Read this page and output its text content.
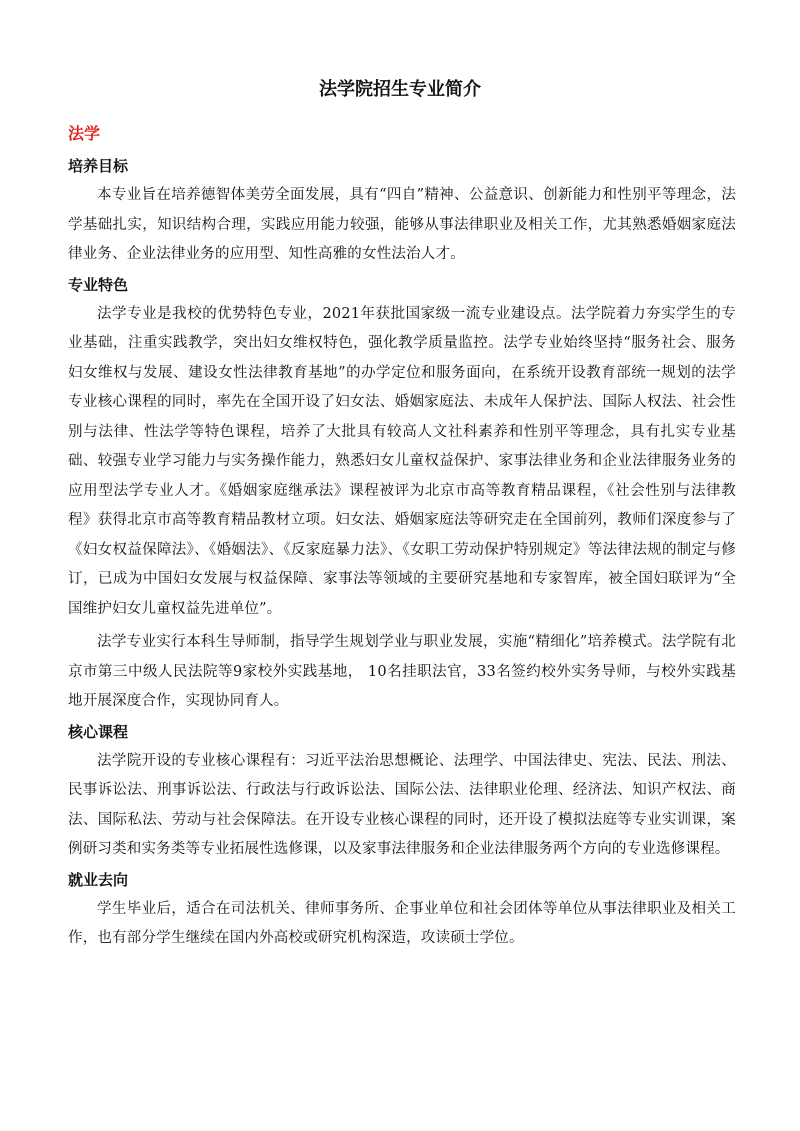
法学院招生专业简介
法学
培养目标

本专业旨在培养德智体美劳全面发展，具有“四自”精神、公益意识、创新能力和性别平等理念，法学基础扎实，知识结构合理，实践应用能力较强，能够从事法律职业及相关工作，尤其熟悉婚姻家庭法律业务、企业法律业务的应用型、知性高雅的女性法治人才。

专业特色

法学专业是我校的优势特色专业，2021年获批国家级一流专业建设点。法学院着力夯实学生的专业基础，注重实践教学，突出妇女维权特色，强化教学质量监控。法学专业始终坚持“服务社会、服务妇女维权与发展、建设女性法律教育基地”的办学定位和服务面向，在系统开设教育部统一规划的法学专业核心课程的同时，率先在全国开设了妇女法、婚姻家庭法、未成年人保护法、国际人权法、社会性别与法律、性法学等特色课程，培养了大批具有较高人文社科素养和性别平等理念，具有扎实专业基础、较强专业学习能力与实务操作能力，熟悉妇女儿童权益保护、家事法律业务和企业法律服务业务的应用型法学专业人才。《婚姻家庭继承法》课程被评为北京市高等教育精品课程，《社会性别与法律教程》获得北京市高等教育精品教材立项。妇女法、婚姻家庭法等研究走在全国前列，教师们深度参与了《妇女权益保障法》、《婚姻法》、《反家庭暴力法》、《女职工劳动保护特别规定》等法律法规的制定与修订，已成为中国妇女发展与权益保障、家事法等领域的主要研究基地和专家智库，被全国妇联评为“全国维护妇女儿童权益先进单位”。

法学专业实行本科生导师制，指导学生规划学业与职业发展，实施“精细化”培养模式。法学院有北京市第三中级人民法院等9家校外实践基地， 10名挂职法官，33名签约校外实务导师，与校外实践基地开展深度合作，实现协同育人。

核心课程

法学院开设的专业核心课程有：习近平法治思想概论、法理学、中国法律史、宪法、民法、刑法、民事诉讼法、刑事诉讼法、行政法与行政诉讼法、国际公法、法律职业伦理、经济法、知识产权法、商法、国际私法、劳动与社会保障法。在开设专业核心课程的同时，还开设了模拟法庭等专业实训课，案例研习类和实务类等专业拓展性选修课，以及家事法律服务和企业法律服务两个方向的专业选修课程。

就业去向

学生毕业后，适合在司法机关、律师事务所、企事业单位和社会团体等单位从事法律职业及相关工作，也有部分学生继续在国内外高校或研究机构深造，攻读硕士学位。
